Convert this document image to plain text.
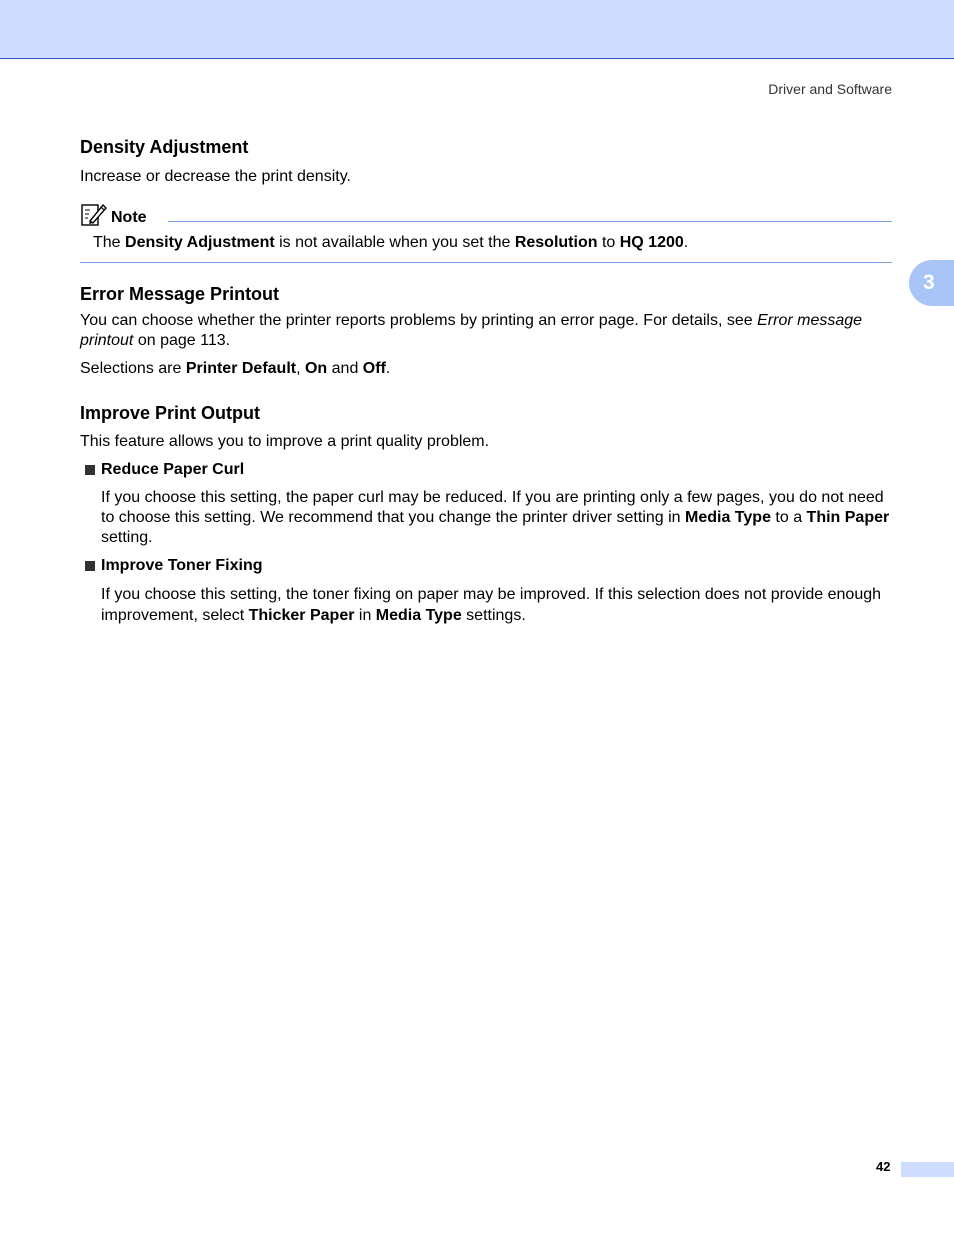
Driver and Software
3
Density Adjustment

Increase or decrease the print density.

Note
The Density Adjustment is not available when you set the Resolution to HQ 1200.
Error Message Printout

You can choose whether the printer reports problems by printing an error page. For details, see Error message printout on page 113.

Selections are Printer Default, On and Off.

Improve Print Output

This feature allows you to improve a print quality problem.

Reduce Paper Curl

If you choose this setting, the paper curl may be reduced. If you are printing only a few pages, you do not need to choose this setting. We recommend that you change the printer driver setting in Media Type to a Thin Paper setting.

Improve Toner Fixing

If you choose this setting, the toner fixing on paper may be improved. If this selection does not provide enough improvement, select Thicker Paper in Media Type settings.

42
